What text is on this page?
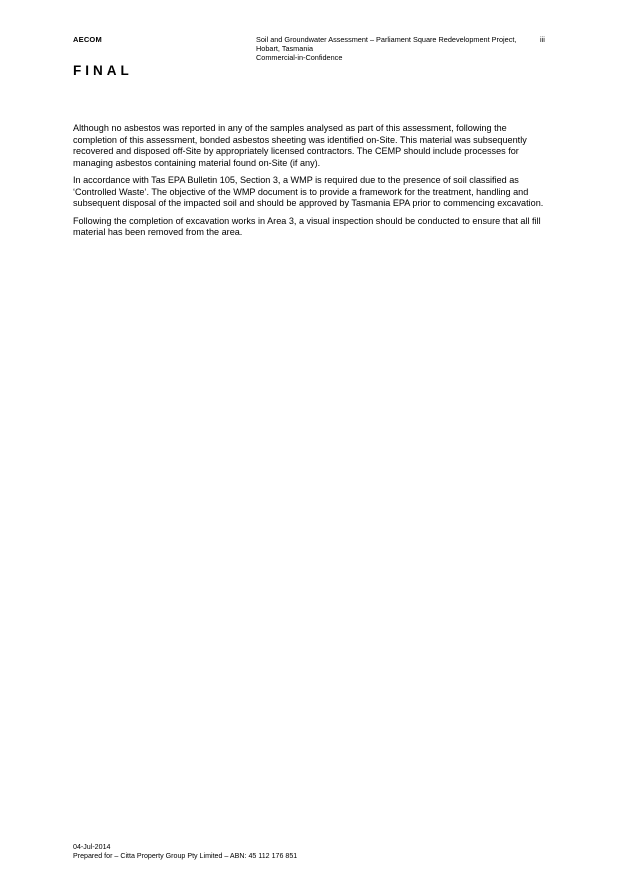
AECOM	Soil and Groundwater Assessment – Parliament Square Redevelopment Project,
Hobart, Tasmania
Commercial-in-Confidence
iii
FINAL

Although no asbestos was reported in any of the samples analysed as part of this assessment, following the completion of this assessment, bonded asbestos sheeting was identified on-Site. This material was subsequently recovered and disposed off-Site by appropriately licensed contractors. The CEMP should include processes for managing asbestos containing material found on-Site (if any).

In accordance with Tas EPA Bulletin 105, Section 3, a WMP is required due to the presence of soil classified as ‘Controlled Waste’. The objective of the WMP document is to provide a framework for the treatment, handling and subsequent disposal of the impacted soil and should be approved by Tasmania EPA prior to commencing excavation.

Following the completion of excavation works in Area 3, a visual inspection should be conducted to ensure that all fill material has been removed from the area.

04-Jul-2014
Prepared for – Citta Property Group Pty Limited – ABN: 45 112 176 851
